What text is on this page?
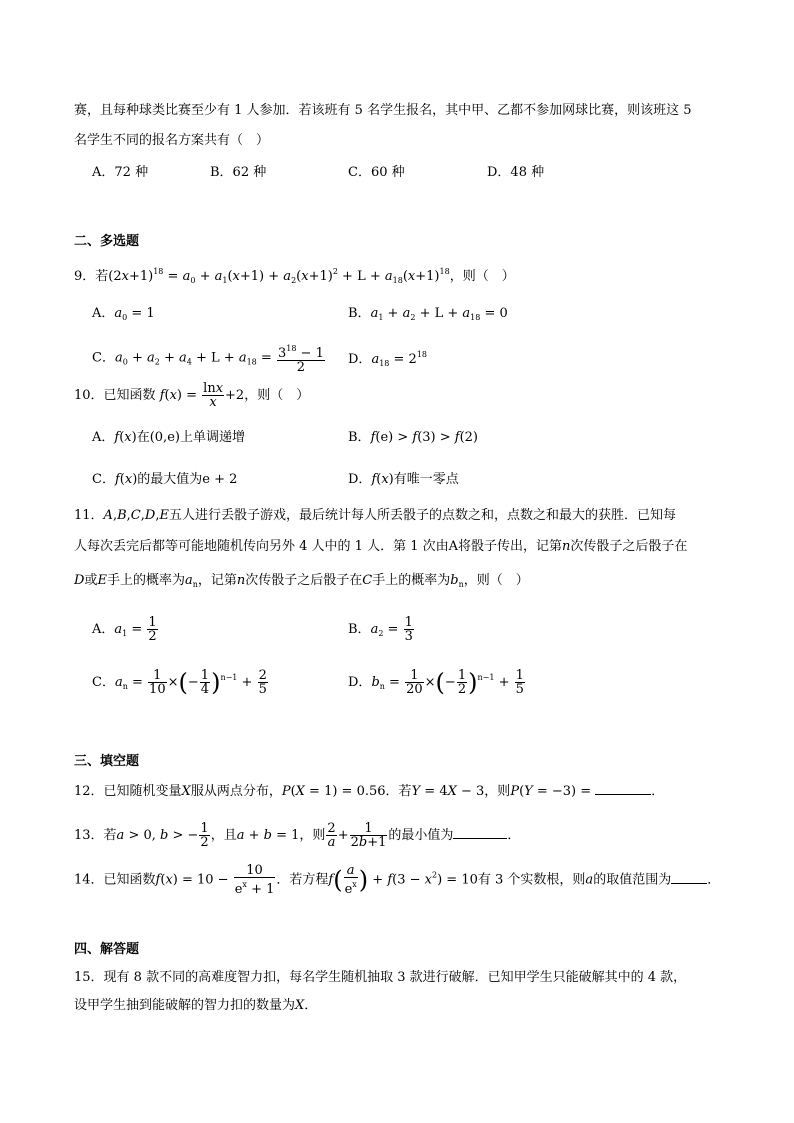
赛，且每种球类比赛至少有 1 人参加．若该班有 5 名学生报名，其中甲、乙都不参加网球比赛，则该班这 5
名学生不同的报名方案共有（　）
A．72 种	B．62 种	C．60 种	D．48 种
二、多选题
9．若$(2x+1)^{18} = a_0 + a_1(x+1) + a_2(x+1)^2 + L + a_{18}(x+1)^{18}$，则（　）
A．$a_0 = 1$	B．$a_1 + a_2 + L + a_{18} = 0$
C．$a_0 + a_2 + a_4 + L + a_{18} = \frac{3^{18} - 1}{2}$ D．$a_{18} = 2^{18}$
10．已知函数 $f(x) = \frac{\ln x}{x} +2$，则（　）
A．f(x)在(0,e)上单调递增	B．f(e) > f(3) > f(2)
C．f(x)的最大值为e + 2	D．f(x)有唯一零点
11．A,B,C,D,E五人进行丢骰子游戏，最后统计每人所丢骰子的点数之和，点数之和最大的获胜．已知每
人每次丢完后都等可能地随机传向另外 4 人中的 1 人．第 1 次由A将骰子传出，记第n次传骰子之后骰子在
D或E手上的概率为$a_n$，记第n次传骰子之后骰子在C手上的概率为$b_n$，则（　）
A．$a_1 = \frac{1}{2}$	B．$a_2 = \frac{1}{3}$
C．$a_n = \frac{1}{10}$ ×(− $\frac{1}{4} )^{n-1} + \frac{2}{5}$	D．$b_n = \frac{1}{20}$ ×(− $\frac{1}{2} )^{n-1} + \frac{1}{5}$
三、填空题
12．已知随机变量X服从两点分布，P(X = 1) = 0.56．若Y = 4X − 3，则P(Y = −3) =	．
13．若a > 0, b > − $\frac{1}{2}$ ，且a + b = 1，则 $\frac{2}{a} + \frac{1}{2b+1}$ 的最小值为	．
14．已知函数$f(x) = 10 - \frac{10}{e^x + 1}$ ．若方程$f( \frac{a}{e^x}$ ) + $f(3 - x^2) = 10$有 3 个实数根，则a的取值范围为	．
四、解答题
15．现有 8 款不同的高难度智力扣，每名学生随机抽取 3 款进行破解．已知甲学生只能破解其中的 4 款，
设甲学生抽到能破解的智力扣的数量为X．
